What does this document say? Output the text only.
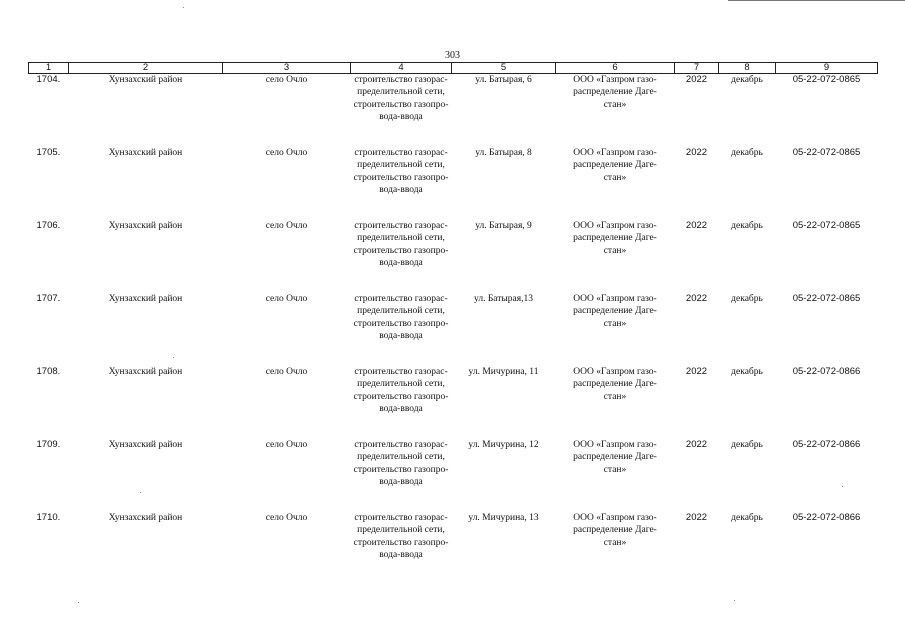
303
1	2	3	4	5	6	7	8	9
1704.	Хунзахский район	село Очло	строительство газорас-
пределительной сети,
строительство газопро-
вода-ввода	ул. Батырая, 6	ООО «Газпром газо-
распределение Даге-
стан»	2022	декабрь	05-22-072-0865
1705.	Хунзахский район	село Очло	строительство газорас-
пределительной сети,
строительство газопро-
вода-ввода	ул. Батырая, 8	ООО «Газпром газо-
распределение Даге-
стан»	2022	декабрь	05-22-072-0865
1706.	Хунзахский район	село Очло	строительство газорас-
пределительной сети,
строительство газопро-
вода-ввода	ул. Батырая, 9	ООО «Газпром газо-
распределение Даге-
стан»	2022	декабрь	05-22-072-0865
1707.	Хунзахский район	село Очло	строительство газорас-
пределительной сети,
строительство газопро-
вода-ввода	ул. Батырая,13	ООО «Газпром газо-
распределение Даге-
стан»	2022	декабрь	05-22-072-0865
1708.	Хунзахский район	село Очло	строительство газорас-
пределительной сети,
строительство газопро-
вода-ввода	ул. Мичурина, 11	ООО «Газпром газо-
распределение Даге-
стан»	2022	декабрь	05-22-072-0866
1709.	Хунзахский район	село Очло	строительство газорас-
пределительной сети,
строительство газопро-
вода-ввода	ул. Мичурина, 12	ООО «Газпром газо-
распределение Даге-
стан»	2022	декабрь	05-22-072-0866
1710.	Хунзахский район	село Очло	строительство газорас-
пределительной сети,
строительство газопро-
вода-ввода	ул. Мичурина, 13	ООО «Газпром газо-
распределение Даге-
стан»	2022	декабрь	05-22-072-0866
